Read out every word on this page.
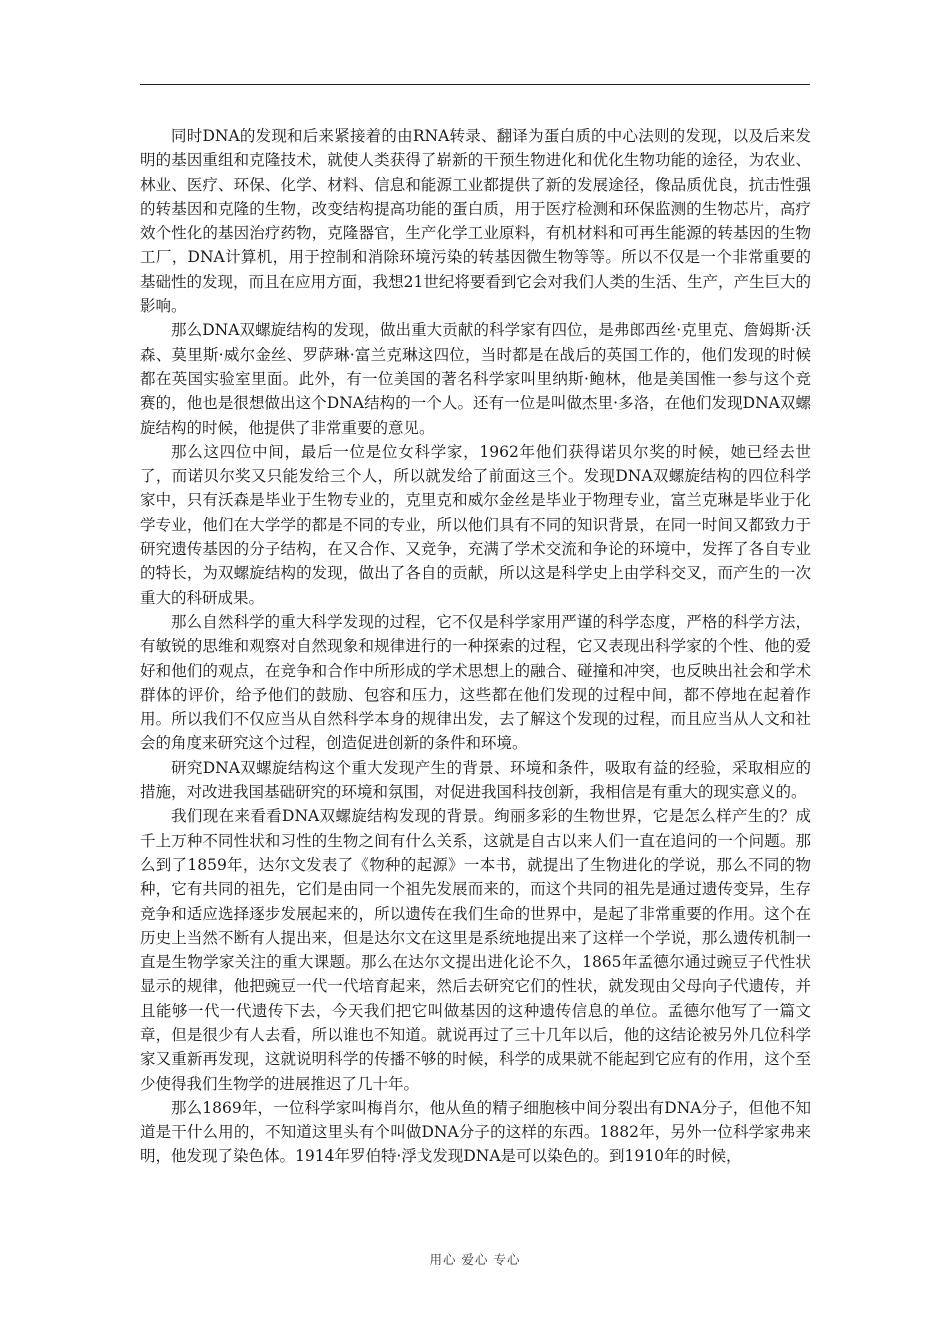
同时DNA的发现和后来紧接着的由RNA转录、翻译为蛋白质的中心法则的发现，以及后来发明的基因重组和克隆技术，就使人类获得了崭新的干预生物进化和优化生物功能的途径，为农业、林业、医疗、环保、化学、材料、信息和能源工业都提供了新的发展途径，像品质优良，抗击性强的转基因和克隆的生物，改变结构提高功能的蛋白质，用于医疗检测和环保监测的生物芯片，高疗效个性化的基因治疗药物，克隆器官，生产化学工业原料，有机材料和可再生能源的转基因的生物工厂，DNA计算机，用于控制和消除环境污染的转基因微生物等等。所以不仅是一个非常重要的基础性的发现，而且在应用方面，我想21世纪将要看到它会对我们人类的生活、生产，产生巨大的影响。

那么DNA双螺旋结构的发现，做出重大贡献的科学家有四位，是弗郎西丝·克里克、詹姆斯·沃森、莫里斯·威尔金丝、罗萨琳·富兰克琳这四位，当时都是在战后的英国工作的，他们发现的时候都在英国实验室里面。此外，有一位美国的著名科学家叫里纳斯·鲍林，他是美国惟一参与这个竞赛的，他也是很想做出这个DNA结构的一个人。还有一位是叫做杰里·多洛，在他们发现DNA双螺旋结构的时候，他提供了非常重要的意见。

那么这四位中间，最后一位是位女科学家，1962年他们获得诺贝尔奖的时候，她已经去世了，而诺贝尔奖又只能发给三个人，所以就发给了前面这三个。发现DNA双螺旋结构的四位科学家中，只有沃森是毕业于生物专业的，克里克和威尔金丝是毕业于物理专业，富兰克琳是毕业于化学专业，他们在大学学的都是不同的专业，所以他们具有不同的知识背景，在同一时间又都致力于研究遗传基因的分子结构，在又合作、又竞争，充满了学术交流和争论的环境中，发挥了各自专业的特长，为双螺旋结构的发现，做出了各自的贡献，所以这是科学史上由学科交叉，而产生的一次重大的科研成果。

那么自然科学的重大科学发现的过程，它不仅是科学家用严谨的科学态度，严格的科学方法，有敏锐的思维和观察对自然现象和规律进行的一种探索的过程，它又表现出科学家的个性、他的爱好和他们的观点，在竞争和合作中所形成的学术思想上的融合、碰撞和冲突，也反映出社会和学术群体的评价，给予他们的鼓励、包容和压力，这些都在他们发现的过程中间，都不停地在起着作用。所以我们不仅应当从自然科学本身的规律出发，去了解这个发现的过程，而且应当从人文和社会的角度来研究这个过程，创造促进创新的条件和环境。

研究DNA双螺旋结构这个重大发现产生的背景、环境和条件，吸取有益的经验，采取相应的措施，对改进我国基础研究的环境和氛围，对促进我国科技创新，我相信是有重大的现实意义的。

我们现在来看看DNA双螺旋结构发现的背景。绚丽多彩的生物世界，它是怎么样产生的？成千上万种不同性状和习性的生物之间有什么关系，这就是自古以来人们一直在追问的一个问题。那么到了1859年，达尔文发表了《物种的起源》一本书，就提出了生物进化的学说，那么不同的物种，它有共同的祖先，它们是由同一个祖先发展而来的，而这个共同的祖先是通过遗传变异，生存竞争和适应选择逐步发展起来的，所以遗传在我们生命的世界中，是起了非常重要的作用。这个在历史上当然不断有人提出来，但是达尔文在这里是系统地提出来了这样一个学说，那么遗传机制一直是生物学家关注的重大课题。那么在达尔文提出进化论不久，1865年孟德尔通过豌豆子代性状显示的规律，他把豌豆一代一代培育起来，然后去研究它们的性状，就发现由父母向子代遗传，并且能够一代一代遗传下去，今天我们把它叫做基因的这种遗传信息的单位。孟德尔他写了一篇文章，但是很少有人去看，所以谁也不知道。就说再过了三十几年以后，他的这结论被另外几位科学家又重新再发现，这就说明科学的传播不够的时候，科学的成果就不能起到它应有的作用，这个至少使得我们生物学的进展推迟了几十年。

那么1869年，一位科学家叫梅肖尔，他从鱼的精子细胞核中间分裂出有DNA分子，但他不知道是干什么用的，不知道这里头有个叫做DNA分子的这样的东西。1882年，另外一位科学家弗来明，他发现了染色体。1914年罗伯特·浮戈发现DNA是可以染色的。到1910年的时候，

用心 爱心 专心
